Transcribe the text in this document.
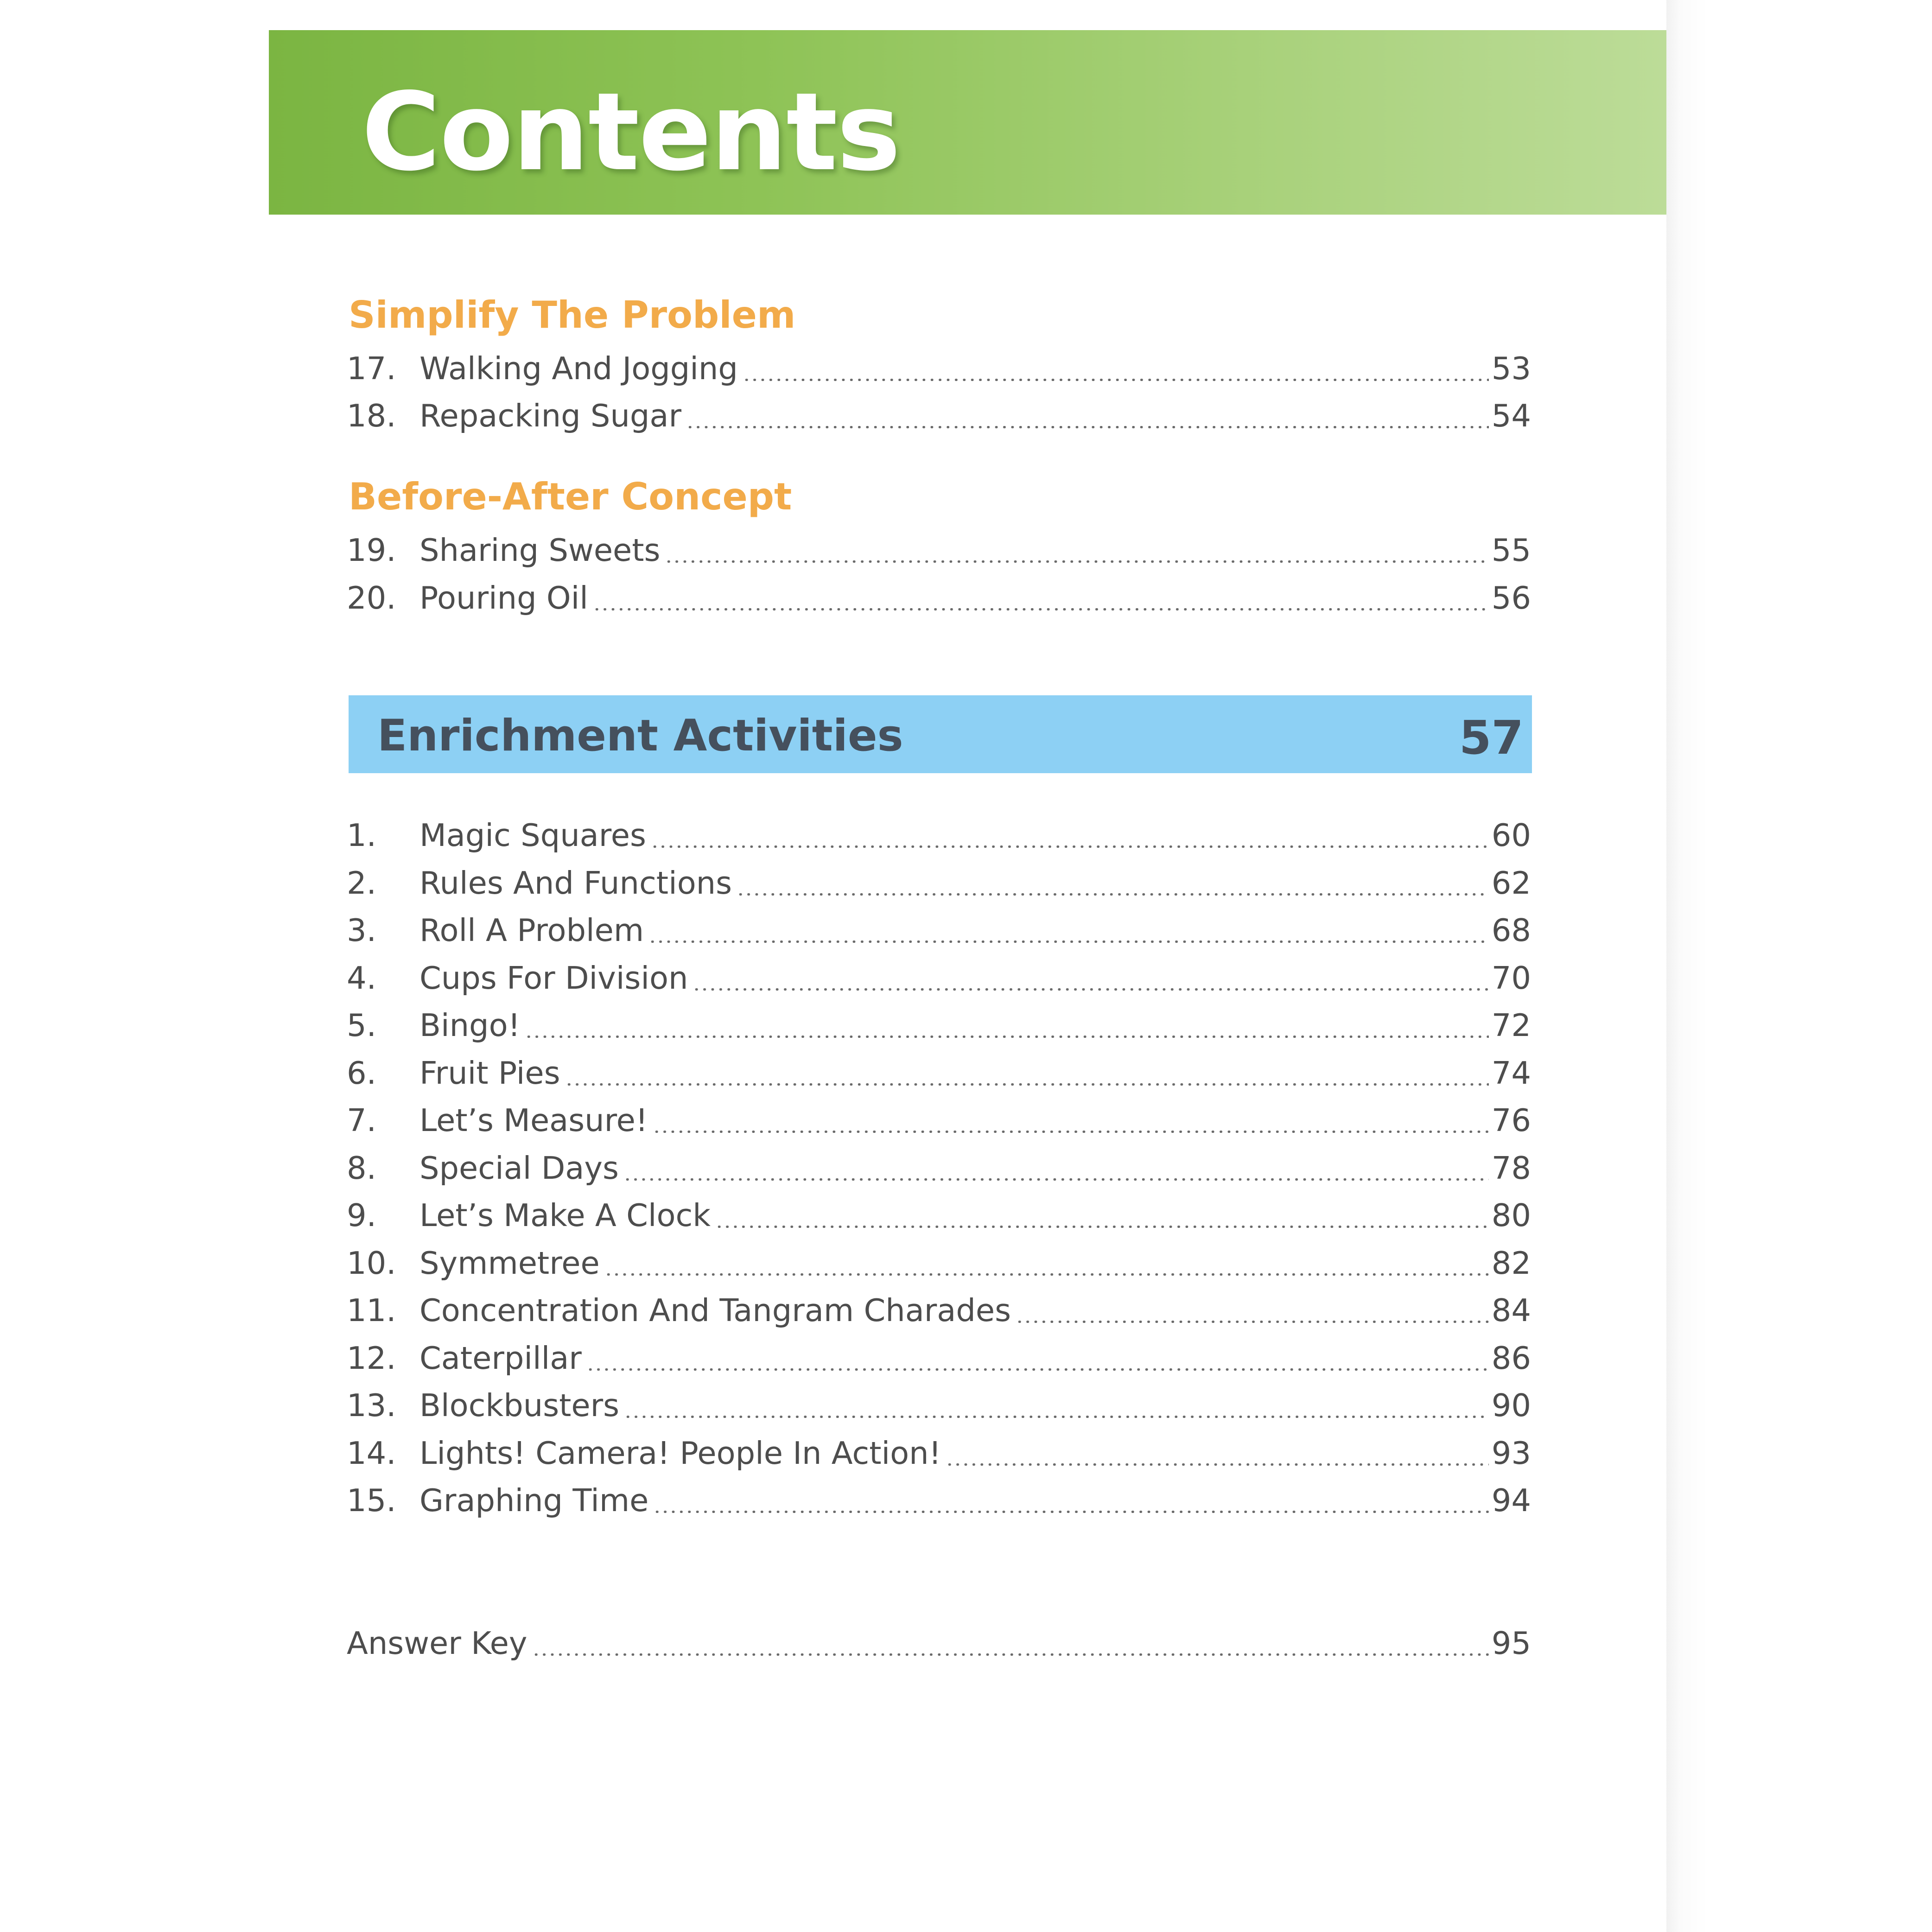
Contents
Simplify The Problem
17. Walking And Jogging	53
18. Repacking Sugar	54
Before-After Concept
19. Sharing Sweets	55
20. Pouring Oil	56
Enrichment Activities	57
1.	Magic Squares	60
2.	Rules And Functions	62
3.	Roll A Problem	68
4.	Cups For Division	70
5.	Bingo!	72
6.	Fruit Pies	74
7.	Let’s Measure!	76
8.	Special Days	78
9.	Let’s Make A Clock	80
10. Symmetree	82
11. Concentration And Tangram Charades	84
12. Caterpillar	86
13. Blockbusters	90
14. Lights! Camera! People In Action!	93
15. Graphing Time	94
Answer Key	95
